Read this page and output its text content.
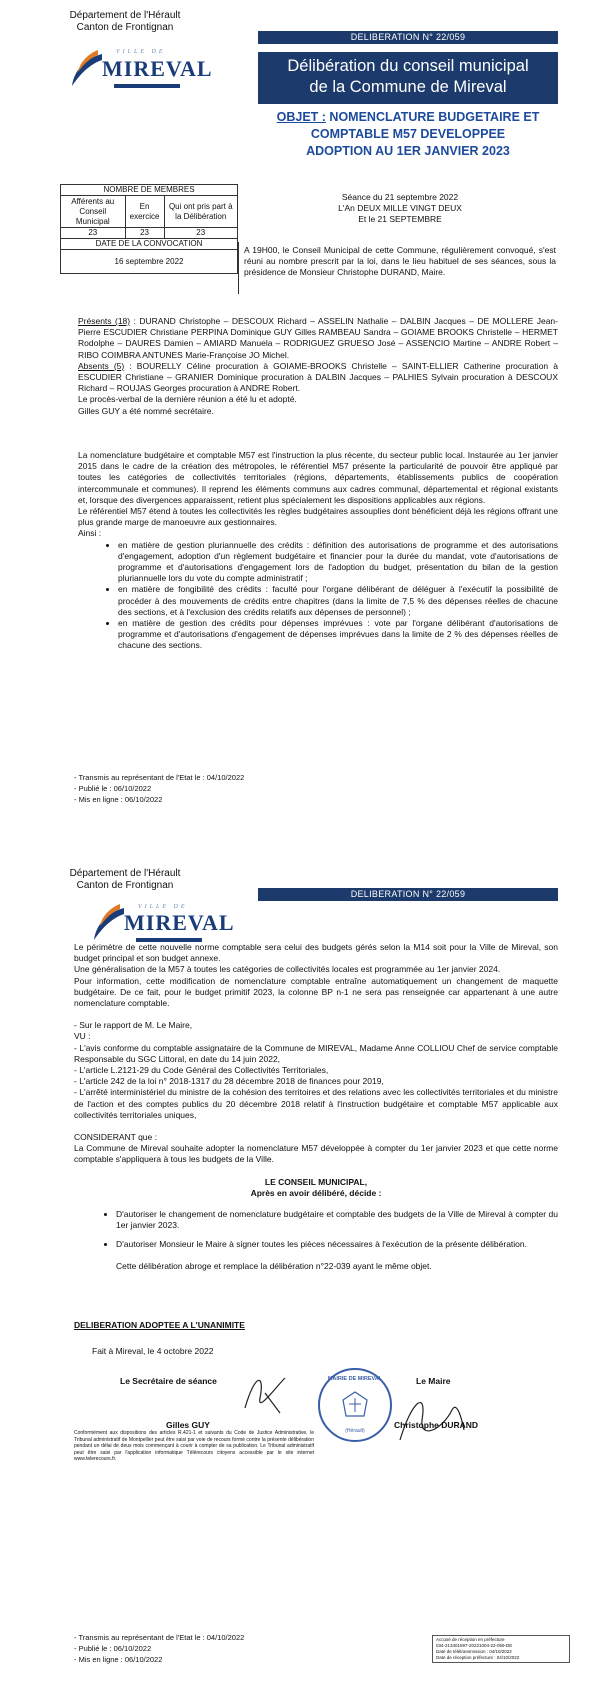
Département de l'Hérault
Canton de Frontignan
VILLE DE
MIREVAL
DELIBERATION N° 22/059
Délibération du conseil municipal
de la Commune de Mireval
OBJET : NOMENCLATURE BUDGETAIRE ET
COMPTABLE M57 DEVELOPPEE
ADOPTION AU 1ER JANVIER 2023
NOMBRE DE MEMBRES		
Afférents au Conseil Municipal	En exercice	Qui ont pris part à la Délibération
23	23	23
DATE DE LA CONVOCATION		
16 septembre 2022		
Séance du 21 septembre 2022
L'An DEUX MILLE VINGT DEUX
Et le 21 SEPTEMBRE
A 19H00, le Conseil Municipal de cette Commune, régulièrement convoqué, s'est réuni au nombre prescrit par la loi, dans le lieu habituel de ses séances, sous la présidence de Monsieur Christophe DURAND, Maire.

Présents (18) : DURAND Christophe – DESCOUX Richard – ASSELIN Nathalie – DALBIN Jacques – DE MOLLERE Jean-Pierre ESCUDIER Christiane PERPINA Dominique GUY Gilles RAMBEAU Sandra – GOIAME BROOKS Christelle – HERMET Rodolphe – DAURES Damien – AMIARD Manuela – RODRIGUEZ GRUESO José – ASSENCIO Martine – ANDRE Robert – RIBO COIMBRA ANTUNES Marie-Françoise JO Michel.

Absents (5) : BOURELLY Céline procuration à GOIAME-BROOKS Christelle – SAINT-ELLIER Catherine procuration à ESCUDIER Christiane – GRANIER Dominique procuration à DALBIN Jacques – PALHIES Sylvain procuration à DESCOUX Richard – ROUJAS Georges procuration à ANDRE Robert.

Le procès-verbal de la dernière réunion a été lu et adopté.

Gilles GUY a été nommé secrétaire.

La nomenclature budgétaire et comptable M57 est l'instruction la plus récente, du secteur public local. Instaurée au 1er janvier 2015 dans le cadre de la création des métropoles, le référentiel M57 présente la particularité de pouvoir être appliqué par toutes les catégories de collectivités territoriales (régions, départements, établissements publics de coopération intercommunale et communes). Il reprend les éléments communs aux cadres communal, départemental et régional existants et, lorsque des divergences apparaissent, retient plus spécialement les dispositions applicables aux régions.

Le référentiel M57 étend à toutes les collectivités les règles budgétaires assouplies dont bénéficient déjà les régions offrant une plus grande marge de manoeuvre aux gestionnaires.

Ainsi :

• en matière de gestion pluriannuelle des crédits : définition des autorisations de programme et des autorisations d'engagement, adoption d'un règlement budgétaire et financier pour la durée du mandat, vote d'autorisations de programme et d'autorisations d'engagement lors de l'adoption du budget, présentation du bilan de la gestion pluriannuelle lors du vote du compte administratif ;
• en matière de fongibilité des crédits : faculté pour l'organe délibérant de déléguer à l'exécutif la possibilité de procéder à des mouvements de crédits entre chapitres (dans la limite de 7,5 % des dépenses réelles de chacune des sections, et à l'exclusion des crédits relatifs aux dépenses de personnel) ;
• en matière de gestion des crédits pour dépenses imprévues : vote par l'organe délibérant d'autorisations de programme et d'autorisations d'engagement de dépenses imprévues dans la limite de 2 % des dépenses réelles de chacune des sections.
- Transmis au représentant de l'Etat le : 04/10/2022
- Publié le : 06/10/2022
- Mis en ligne : 06/10/2022
Département de l'Hérault
Canton de Frontignan
VILLE DE
MIREVAL
DELIBERATION N° 22/059

Le périmètre de cette nouvelle norme comptable sera celui des budgets gérés selon la M14 soit pour la Ville de Mireval, son budget principal et son budget annexe.

Une généralisation de la M57 à toutes les catégories de collectivités locales est programmée au 1er janvier 2024.

Pour information, cette modification de nomenclature comptable entraîne automatiquement un changement de maquette budgétaire. De ce fait, pour le budget primitif 2023, la colonne BP n-1 ne sera pas renseignée car appartenant à une autre nomenclature comptable.

- Sur le rapport de M. Le Maire,

VU :

- L'avis conforme du comptable assignataire de la Commune de MIREVAL, Madame Anne COLLIOU Chef de service comptable Responsable du SGC Littoral, en date du 14 juin 2022,

- L'article L.2121-29 du Code Général des Collectivités Territoriales,

- L'article 242 de la loi n° 2018-1317 du 28 décembre 2018 de finances pour 2019,

- L'arrêté interministériel du ministre de la cohésion des territoires et des relations avec les collectivités territoriales et du ministre de l'action et des comptes publics du 20 décembre 2018 relatif à l'instruction budgétaire et comptable M57 applicable aux collectivités territoriales uniques,

CONSIDERANT que :

La Commune de Mireval souhaite adopter la nomenclature M57 développée à compter du 1er janvier 2023 et que cette norme comptable s'appliquera à tous les budgets de la Ville.

LE CONSEIL MUNICIPAL,

Après en avoir délibéré, décide :

• D'autoriser le changement de nomenclature budgétaire et comptable des budgets de la Ville de Mireval à compter du 1er janvier 2023.
• D'autoriser Monsieur le Maire à signer toutes les pièces nécessaires à l'exécution de la présente délibération.

Cette délibération abroge et remplace la délibération n°22-039 ayant le même objet.

DELIBERATION ADOPTEE A L'UNANIMITE
Fait à Mireval, le 4 octobre 2022
Le Secrétaire de séance
Gilles GUY
MAIRIE DE MIREVAL
(Hérault)
Le Maire
Christophe DURAND
Conformément aux dispositions des articles R.421-1 et suivants du Code de Justice Administrative, le Tribunal administratif de Montpellier peut être saisi par voie de recours formé contre la présente délibération pendant un délai de deux mois commençant à courir à compter de sa publication. Le Tribunal administratif peut être saisi par l'application informatique Télérecours citoyens accessible par le site internet www.telerecours.fr.
- Transmis au représentant de l'Etat le : 04/10/2022
- Publié le : 06/10/2022
- Mis en ligne : 06/10/2022
Accusé de réception en préfecture
034-213401597-20221004-22-059-DE
Date de télétransmission : 04/10/2022
Date de réception préfecture : 04/10/2022
